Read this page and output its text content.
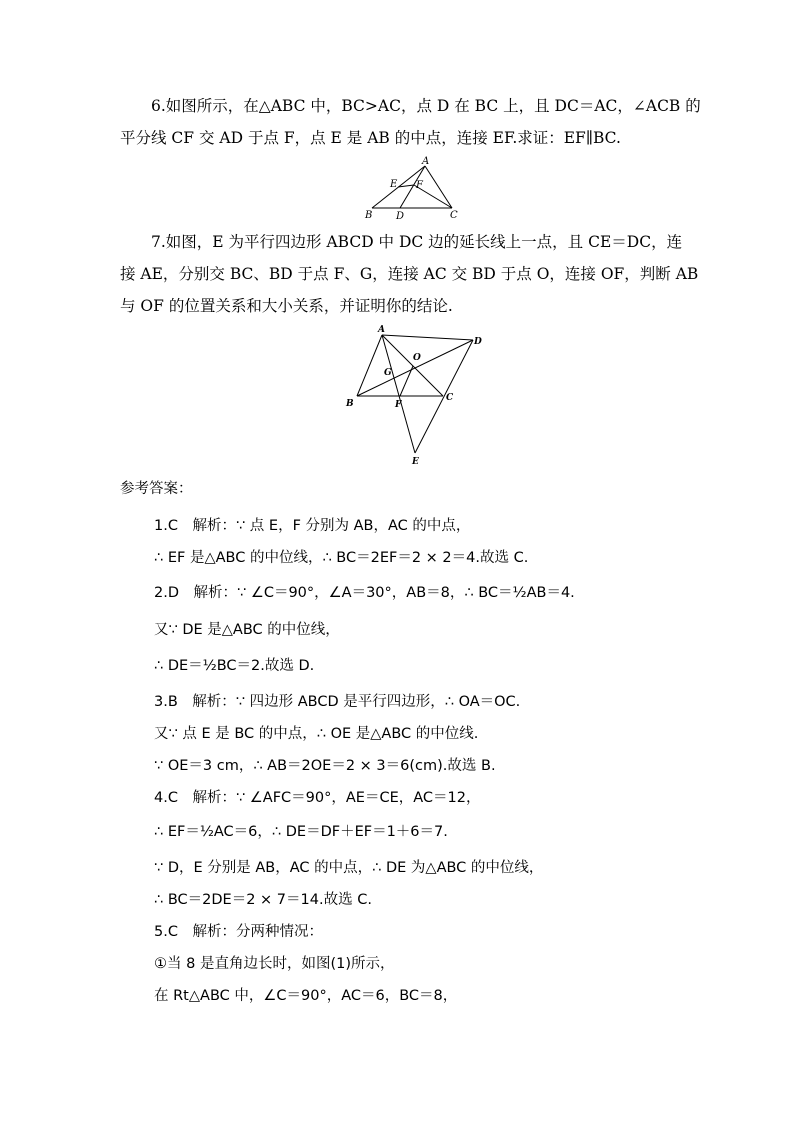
6.如图所示，在△ABC 中，BC>AC，点 D 在 BC 上，且 DC＝AC，∠ACB 的
平分线 CF 交 AD 于点 F，点 E 是 AB 的中点，连接 EF.求证：EF∥BC.
A
B	C
D
E F
7.如图，E 为平行四边形 ABCD 中 DC 边的延长线上一点，且 CE＝DC，连
接 AE，分别交 BC、BD 于点 F、G，连接 AC 交 BD 于点 O，连接 OF，判断 AB
与 OF 的位置关系和大小关系，并证明你的结论.
A
D
B
C
E
F
G
O
参考答案：
1.C　解析：∵ 点 E，F 分别为 AB，AC 的中点，
∴ EF 是△ABC 的中位线，∴ BC＝2EF＝2 × 2＝4.故选 C.
2.D　解析：∵ ∠C＝90°，∠A＝30°，AB＝8，∴ BC＝½AB＝4.
又∵ DE 是△ABC 的中位线，
∴ DE＝½BC＝2.故选 D.
3.B　解析：∵ 四边形 ABCD 是平行四边形，∴ OA＝OC.
又∵ 点 E 是 BC 的中点，∴ OE 是△ABC 的中位线.
∵ OE＝3 cm，∴ AB＝2OE＝2 × 3＝6(cm).故选 B.
4.C　解析：∵ ∠AFC＝90°，AE＝CE，AC＝12，
∴ EF＝½AC＝6，∴ DE＝DF＋EF＝1＋6＝7.
∵ D，E 分别是 AB，AC 的中点，∴ DE 为△ABC 的中位线，
∴ BC＝2DE＝2 × 7＝14.故选 C.
5.C　解析：分两种情况：
①当 8 是直角边长时，如图(1)所示，
在 Rt△ABC 中，∠C＝90°，AC＝6，BC＝8，
